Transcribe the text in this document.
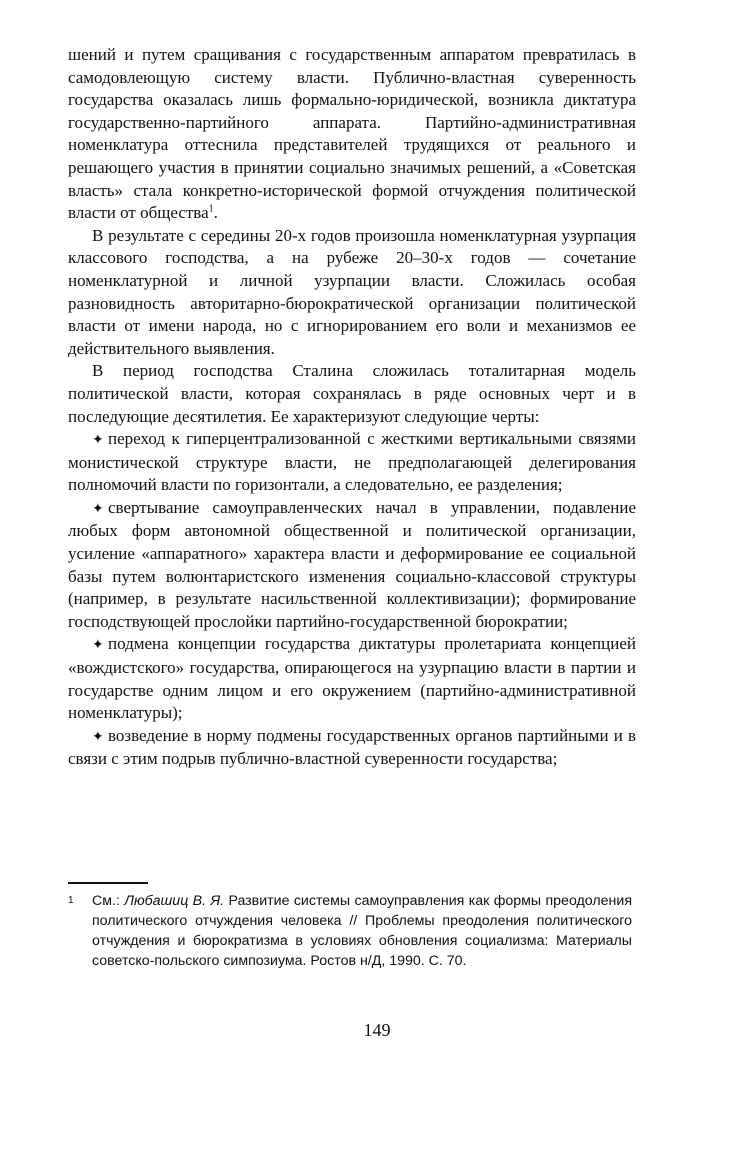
шений и путем сращивания с государственным аппаратом превратилась в самодовлеющую систему власти. Публично-властная суверенность государства оказалась лишь формально-юридической, возникла диктатура государственно-партийного аппарата. Партийно-административная номенклатура оттеснила представителей трудящихся от реального и решающего участия в принятии социально значимых решений, а «Советская власть» стала конкретно-исторической формой отчуждения политической власти от общества$^1$.

В результате с середины 20-х годов произошла номенклатурная узурпация классового господства, а на рубеже 20–30-х годов — сочетание номенклатурной и личной узурпации власти. Сложилась особая разновидность авторитарно-бюрократической организации политической власти от имени народа, но с игнорированием его воли и механизмов ее действительного выявления.

В период господства Сталина сложилась тоталитарная модель политической власти, которая сохранялась в ряде основных черт и в последующие десятилетия. Ее характеризуют следующие черты:

✦ переход к гиперцентрализованной с жесткими вертикальными связями монистической структуре власти, не предполагающей делегирования полномочий власти по горизонтали, а следовательно, ее разделения;

✦ свертывание самоуправленческих начал в управлении, подавление любых форм автономной общественной и политической организации, усиление «аппаратного» характера власти и деформирование ее социальной базы путем волюнтаристского изменения социально-классовой структуры (например, в результате насильственной коллективизации); формирование господствующей прослойки партийно-государственной бюрократии;

✦ подмена концепции государства диктатуры пролетариата концепцией «вождистского» государства, опирающегося на узурпацию власти в партии и государстве одним лицом и его окружением (партийно-административной номенклатуры);

✦ возведение в норму подмены государственных органов партийными и в связи с этим подрыв публично-властной суверенности государства;

1 См.: Любашиц В. Я. Развитие системы самоуправления как формы преодоления политического отчуждения человека // Проблемы преодоления политического отчуждения и бюрократизма в условиях обновления социализма: Материалы советско-польского симпозиума. Ростов н/Д, 1990. С. 70.
149
